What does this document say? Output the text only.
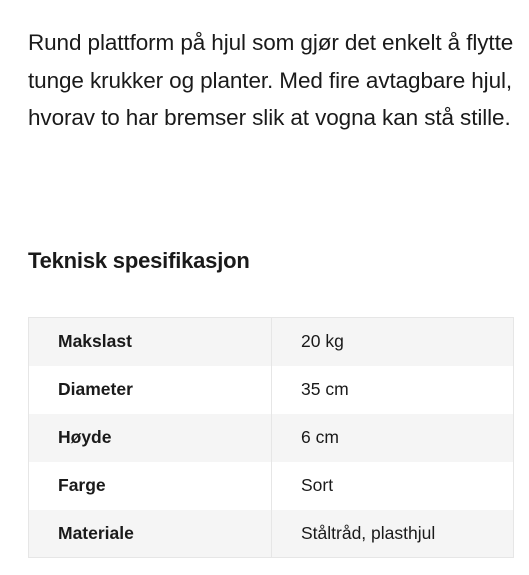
Rund plattform på hjul som gjør det enkelt å flytte tunge krukker og planter. Med fire avtagbare hjul, hvorav to har bremser slik at vogna kan stå stille.

Teknisk spesifikasjon
Makslast	20 kg
Diameter	35 cm
Høyde	6 cm
Farge	Sort
Materiale	Ståltråd, plasthjul
